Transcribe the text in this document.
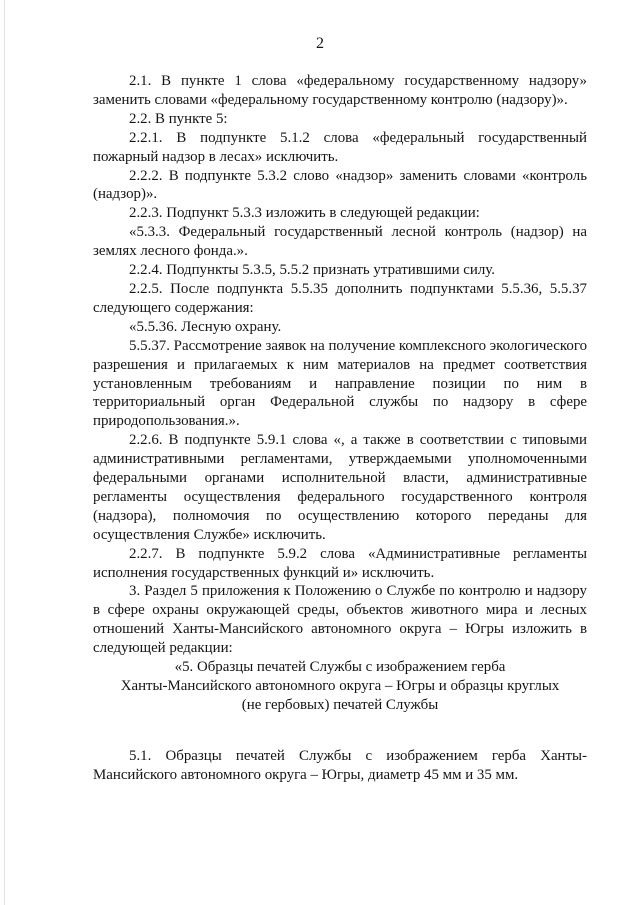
2

2.1. В пункте 1 слова «федеральному государственному надзору» заменить словами «федеральному государственному контролю (надзору)».

2.2. В пункте 5:

2.2.1. В подпункте 5.1.2 слова «федеральный государственный пожарный надзор в лесах» исключить.

2.2.2. В подпункте 5.3.2 слово «надзор» заменить словами «контроль (надзор)».

2.2.3. Подпункт 5.3.3 изложить в следующей редакции:

«5.3.3. Федеральный государственный лесной контроль (надзор) на землях лесного фонда.».

2.2.4. Подпункты 5.3.5, 5.5.2 признать утратившими силу.

2.2.5. После подпункта 5.5.35 дополнить подпунктами 5.5.36, 5.5.37 следующего содержания:

«5.5.36. Лесную охрану.

5.5.37. Рассмотрение заявок на получение комплексного экологического разрешения и прилагаемых к ним материалов на предмет соответствия установленным требованиям и направление позиции по ним в территориальный орган Федеральной службы по надзору в сфере природопользования.».

2.2.6. В подпункте 5.9.1 слова «, а также в соответствии с типовыми административными регламентами, утверждаемыми уполномоченными федеральными органами исполнительной власти, административные регламенты осуществления федерального государственного контроля (надзора), полномочия по осуществлению которого переданы для осуществления Службе» исключить.

2.2.7. В подпункте 5.9.2 слова «Административные регламенты исполнения государственных функций и» исключить.

3. Раздел 5 приложения к Положению о Службе по контролю и надзору в сфере охраны окружающей среды, объектов животного мира и лесных отношений Ханты-Мансийского автономного округа – Югры изложить в следующей редакции:

«5. Образцы печатей Службы с изображением герба
Ханты-Мансийского автономного округа – Югры и образцы круглых
(не гербовых) печатей Службы

5.1. Образцы печатей Службы с изображением герба Ханты-Мансийского автономного округа – Югры, диаметр 45 мм и 35 мм.
